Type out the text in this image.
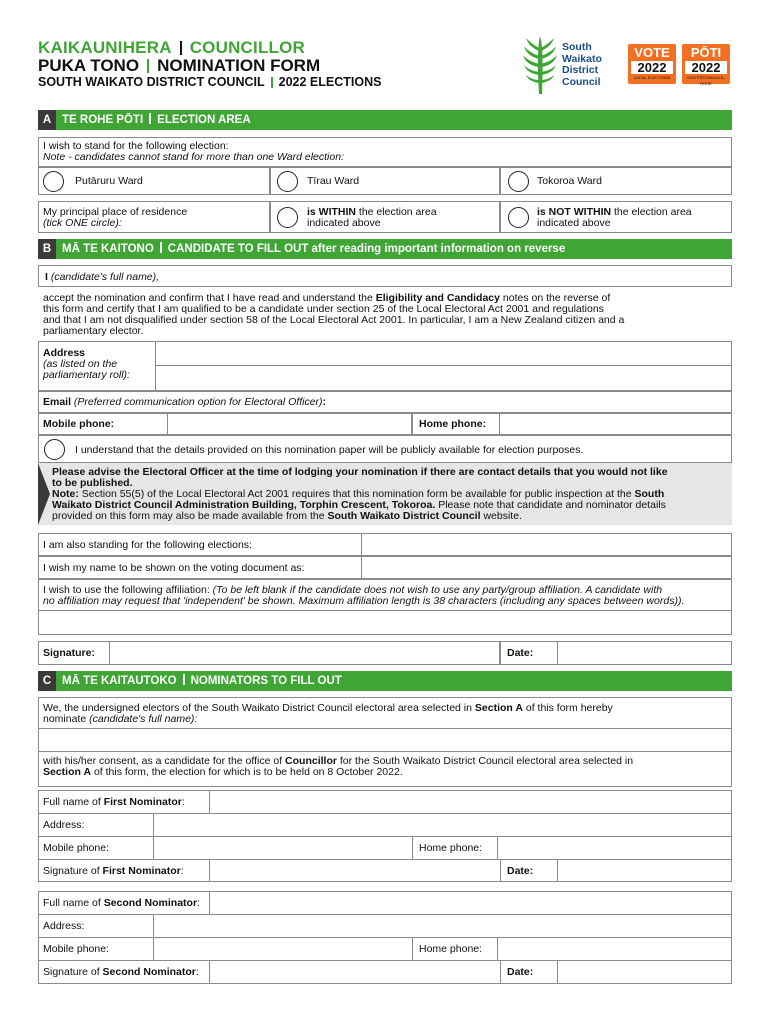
KAIKAUNIHERA COUNCILLOR
PUKA TONO NOMINATION FORM
SOUTH WAIKATO DISTRICT COUNCIL 2022 ELECTIONS
South
Waikato
District
Council
VOTE
2022
LOCAL ELECTIONS
PŌTI
2022
NGĀ PŌTITANGA Ā-ROHE
A TE ROHE PŌTI ELECTION AREA
I wish to stand for the following election:
Note - candidates cannot stand for more than one Ward election:
Putāruru Ward	Tīrau Ward	Tokoroa Ward
My principal place of residence
(tick ONE circle):
is WITHIN the election area
indicated above
is NOT WITHIN the election area
indicated above
B MĀ TE KAITONO CANDIDATE TO FILL OUT after reading important information on reverse
I (candidate's full name),
accept the nomination and confirm that I have read and understand the Eligibility and Candidacy notes on the reverse of
this form and certify that I am qualified to be a candidate under section 25 of the Local Electoral Act 2001 and regulations
and that I am not disqualified under section 58 of the Local Electoral Act 2001. In particular, I am a New Zealand citizen and a
parliamentary elector.
Address
(as listed on the
parliamentary roll):
Email (Preferred communication option for Electoral Officer):
Mobile phone:	Home phone:
I understand that the details provided on this nomination paper will be publicly available for election purposes.
Please advise the Electoral Officer at the time of lodging your nomination if there are contact details that you would not like
to be published.
Note: Section 55(5) of the Local Electoral Act 2001 requires that this nomination form be available for public inspection at the South
Waikato District Council Administration Building, Torphin Crescent, Tokoroa. Please note that candidate and nominator details
provided on this form may also be made available from the South Waikato District Council website.
I am also standing for the following elections:
I wish my name to be shown on the voting document as:
I wish to use the following affiliation: (To be left blank if the candidate does not wish to use any party/group affiliation. A candidate with
no affiliation may request that 'independent' be shown. Maximum affiliation length is 38 characters (including any spaces between words)).
Signature:	Date:
C MĀ TE KAITAUTOKO NOMINATORS TO FILL OUT
We, the undersigned electors of the South Waikato District Council electoral area selected in Section A of this form hereby
nominate (candidate's full name):
with his/her consent, as a candidate for the office of Councillor for the South Waikato District Council electoral area selected in
Section A of this form, the election for which is to be held on 8 October 2022.
Full name of First Nominator:
Address:
Mobile phone:	Home phone:
Signature of First Nominator:	Date:
Full name of Second Nominator:
Address:
Mobile phone:	Home phone:
Signature of Second Nominator:	Date:
